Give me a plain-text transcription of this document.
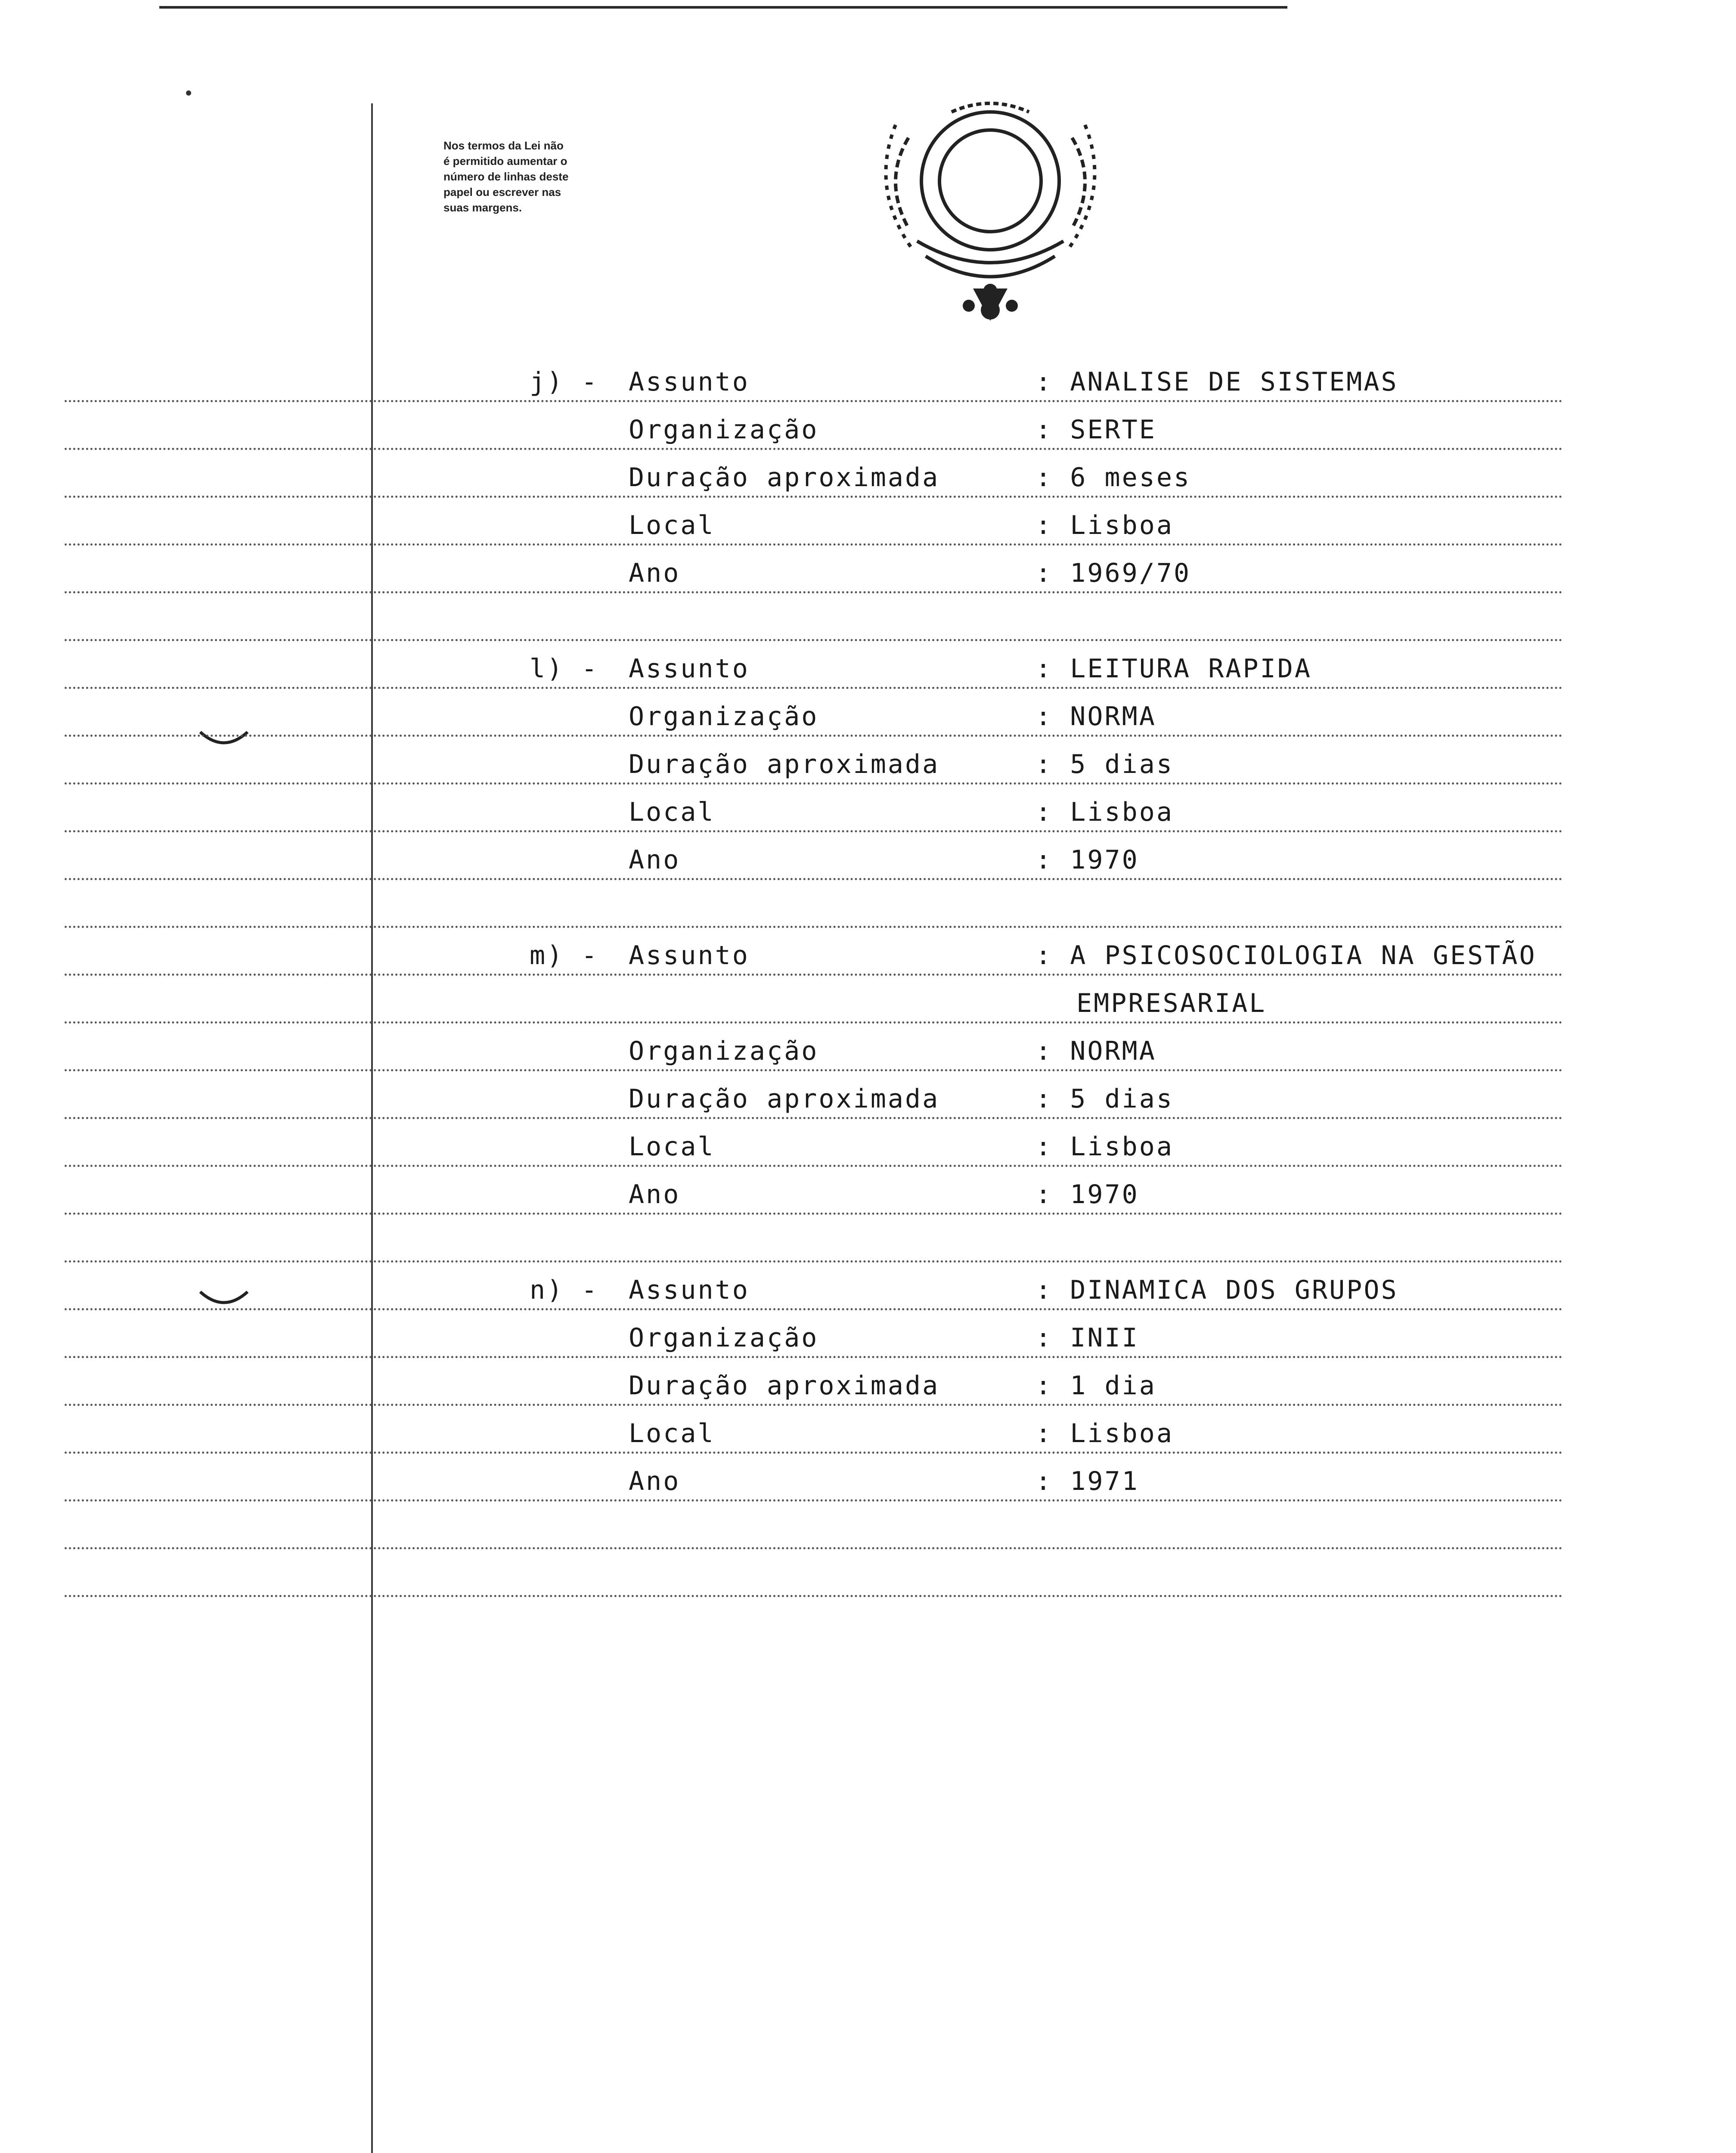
Nos termos da Lei não
é permitido aumentar o
número de linhas deste
papel ou escrever nas
suas margens.
j) - Assunto	: ANALISE DE SISTEMAS
Organização	: SERTE
Duração aproximada	: 6 meses
Local	: Lisboa
Ano	: 1969/70
l) - Assunto	: LEITURA RAPIDA
Organização	: NORMA
Duração aproximada	: 5 dias
Local	: Lisboa
Ano	: 1970
m) - Assunto	: A PSICOSOCIOLOGIA NA GESTÃO
EMPRESARIAL
Organização	: NORMA
Duração aproximada	: 5 dias
Local	: Lisboa
Ano	: 1970
n) - Assunto	: DINAMICA DOS GRUPOS
Organização	: INII
Duração aproximada	: 1 dia
Local	: Lisboa
Ano	: 1971
